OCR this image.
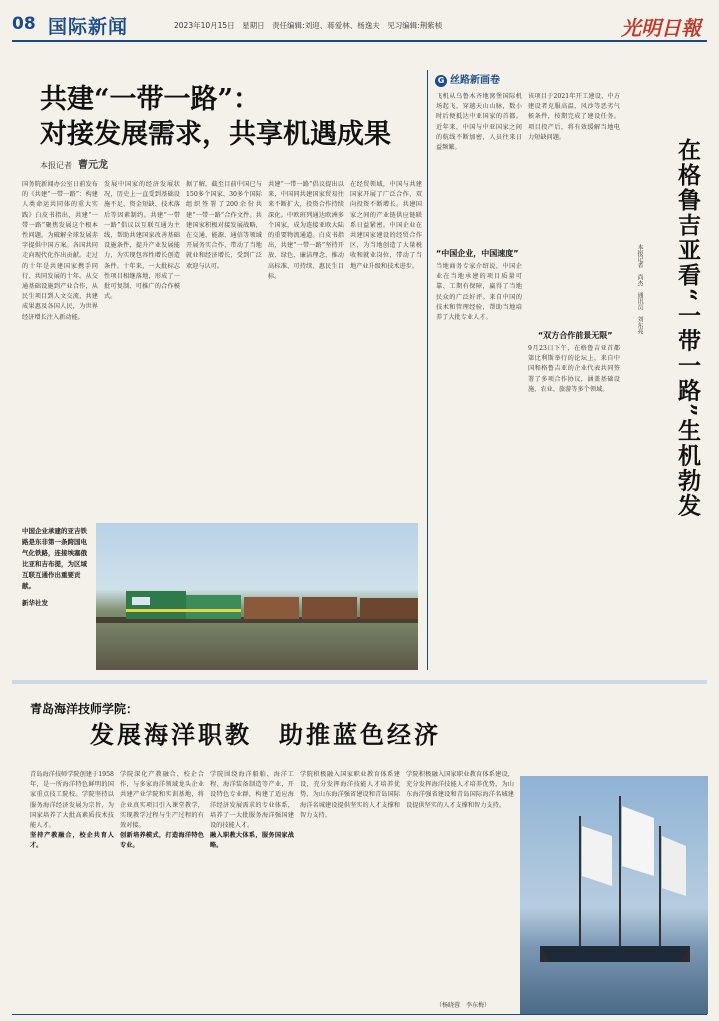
08 国际新闻	2023年10月15日　星期日　责任编辑:刘迎、蒋爱林、杨逸夫　见习编辑:荆紫桢	光明日報
共建“一带一路”：
对接发展需求，共享机遇成果
本报记者 曹元龙
国务院新闻办公室日前发布的《共建“一带一路”：构建人类命运共同体的重大实践》白皮书指出，共建“一带一路”聚焦发展这个根本性问题，为破解全球发展赤字提供中国方案。各国共同走向现代化作出贡献。走过的十年是共建国家携手同行、共同发展的十年。从交通基础设施到产业合作，从民生项目到人文交流，共建成果惠及各国人民，为世界经济增长注入新动能。
发展中国家的经济发展状况，历史上一直受到基础设施不足、资金短缺、技术落后等因素制约。共建“一带一路”倡议以互联互通为主线，帮助共建国家改善基础设施条件，提升产业发展能力，为实现包容性增长创造条件。十年来，一大批标志性项目相继落地，形成了一批可复制、可推广的合作模式。
据了解，截至目前中国已与150多个国家、30多个国际组织签署了200余份共建“一带一路”合作文件。共建国家积极对接发展战略，在交通、能源、通信等领域开展务实合作，带动了当地就业和经济增长，受到广泛欢迎与认可。
共建“一带一路”倡议提出以来，中国同共建国家贸易往来不断扩大，投资合作持续深化。中欧班列通达欧洲多个国家，成为连接亚欧大陆的重要物流通道。白皮书指出，共建“一带一路”坚持开放、绿色、廉洁理念，推动高标准、可持续、惠民生目标。
在经贸领域，中国与共建国家开展了广泛合作，双向投资不断增长。共建国家之间的产业链供应链联系日益紧密。中国企业在共建国家建设的经贸合作区，为当地创造了大量税收和就业岗位，带动了当地产业升级和技术进步。
中国企业承建的亚吉铁路是东非第一条跨国电气化铁路，连接埃塞俄比亚和吉布提，为区域互联互通作出重要贡献。
新华社发
G 丝路新画卷
飞机从乌鲁木齐地窝堡国际机场起飞，穿越天山山脉，数小时后便抵达中亚国家的首都。近年来，中国与中亚国家之间的航线不断加密，人员往来日益频繁。
“中国企业，中国速度”
当地商务专家介绍说，中国企业在当地承建的项目质量可靠、工期有保障，赢得了当地民众的广泛好评。来自中国的技术和管理经验，帮助当地培养了大批专业人才。
该项目于2021年开工建设，中方建设者克服高温、风沙等恶劣气候条件，按期完成了建设任务。项目投产后，将有效缓解当地电力短缺问题。
“双方合作前景无限”
9月23日下午，在格鲁吉亚首都第比利斯举行的论坛上，来自中国和格鲁吉亚的企业代表共同签署了多项合作协议，涵盖基础设施、农业、旅游等多个领域。	在格鲁吉亚看“一带一路”生机勃发
本报记者　尚杰　通讯员　刘东亮
青岛海洋技师学院：
发展海洋职教　助推蓝色经济
青岛海洋技师学院创建于1958年，是一所海洋特色鲜明的国家重点技工院校。学院坚持以服务海洋经济发展为宗旨，为国家培养了大批高素质技术技能人才。
坚持产教融合，校企共育人才。
学院深化产教融合、校企合作，与多家海洋领域龙头企业共建产业学院和实训基地，将企业真实项目引入课堂教学，实现教学过程与生产过程的有效对接。
创新培养模式，打造海洋特色专业。
学院围绕海洋船舶、海洋工程、海洋装备制造等产业，开设特色专业群，构建了适应海洋经济发展需求的专业体系，培养了一大批服务海洋强国建设的技能人才。
融入职教大体系，服务国家战略。
学院积极融入国家职业教育体系建设，充分发挥海洋技能人才培养优势，为山东海洋强省建设和青岛国际海洋名城建设提供坚实的人才支撑和智力支持。
学院积极融入国家职业教育体系建设，充分发挥海洋技能人才培养优势，为山东海洋强省建设和青岛国际海洋名城建设提供坚实的人才支撑和智力支持。
（杨晓蓉　李东梅）
